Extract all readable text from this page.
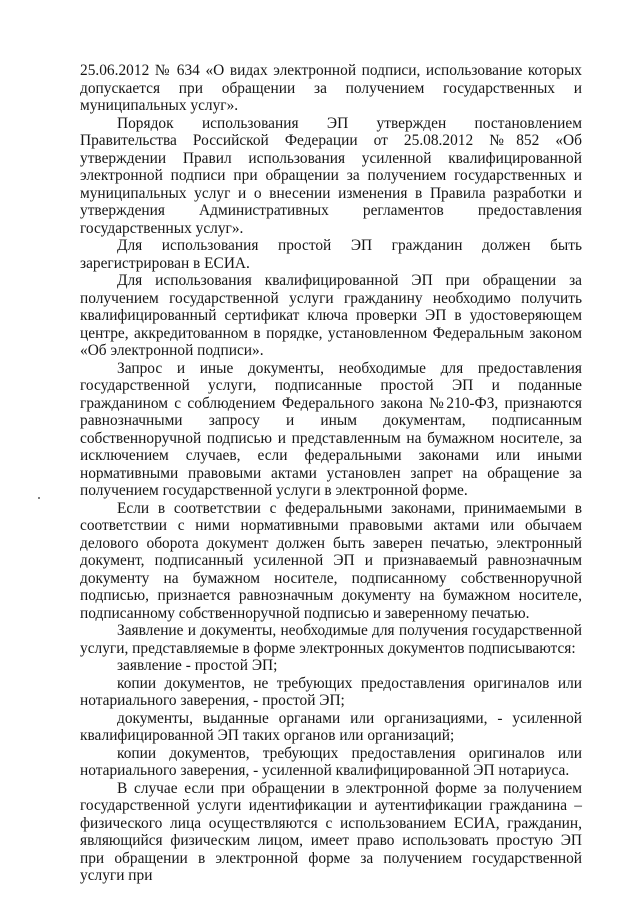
25.06.2012 № 634 «О видах электронной подписи, использование которых допускается при обращении за получением государственных и муниципальных услуг».

Порядок использования ЭП утвержден постановлением Правительства Российской Федерации от 25.08.2012 №852 «Об утверждении Правил использования усиленной квалифицированной электронной подписи при обращении за получением государственных и муниципальных услуг и о внесении изменения в Правила разработки и утверждения Административных регламентов предоставления государственных услуг».

Для использования простой ЭП гражданин должен быть зарегистрирован в ЕСИА.

Для использования квалифицированной ЭП при обращении за получением государственной услуги гражданину необходимо получить квалифицированный сертификат ключа проверки ЭП в удостоверяющем центре, аккредитованном в порядке, установленном Федеральным законом «Об электронной подписи».

Запрос и иные документы, необходимые для предоставления государственной услуги, подписанные простой ЭП и поданные гражданином с соблюдением Федерального закона №210-ФЗ, признаются равнозначными запросу и иным документам, подписанным собственноручной подписью и представленным на бумажном носителе, за исключением случаев, если федеральными законами или иными нормативными правовыми актами установлен запрет на обращение за получением государственной услуги в электронной форме.

Если в соответствии с федеральными законами, принимаемыми в соответствии с ними нормативными правовыми актами или обычаем делового оборота документ должен быть заверен печатью, электронный документ, подписанный усиленной ЭП и признаваемый равнозначным документу на бумажном носителе, подписанному собственноручной подписью, признается равнозначным документу на бумажном носителе, подписанному собственноручной подписью и заверенному печатью.

Заявление и документы, необходимые для получения государственной услуги, представляемые в форме электронных документов подписываются:

заявление - простой ЭП;

копии документов, не требующих предоставления оригиналов или нотариального заверения, - простой ЭП;

документы, выданные органами или организациями, - усиленной квалифицированной ЭП таких органов или организаций;

копии документов, требующих предоставления оригиналов или нотариального заверения, - усиленной квалифицированной ЭП нотариуса.

В случае если при обращении в электронной форме за получением государственной услуги идентификации и аутентификации гражданина – физического лица осуществляются с использованием ЕСИА, гражданин, являющийся физическим лицом, имеет право использовать простую ЭП при обращении в электронной форме за получением государственной услуги при
